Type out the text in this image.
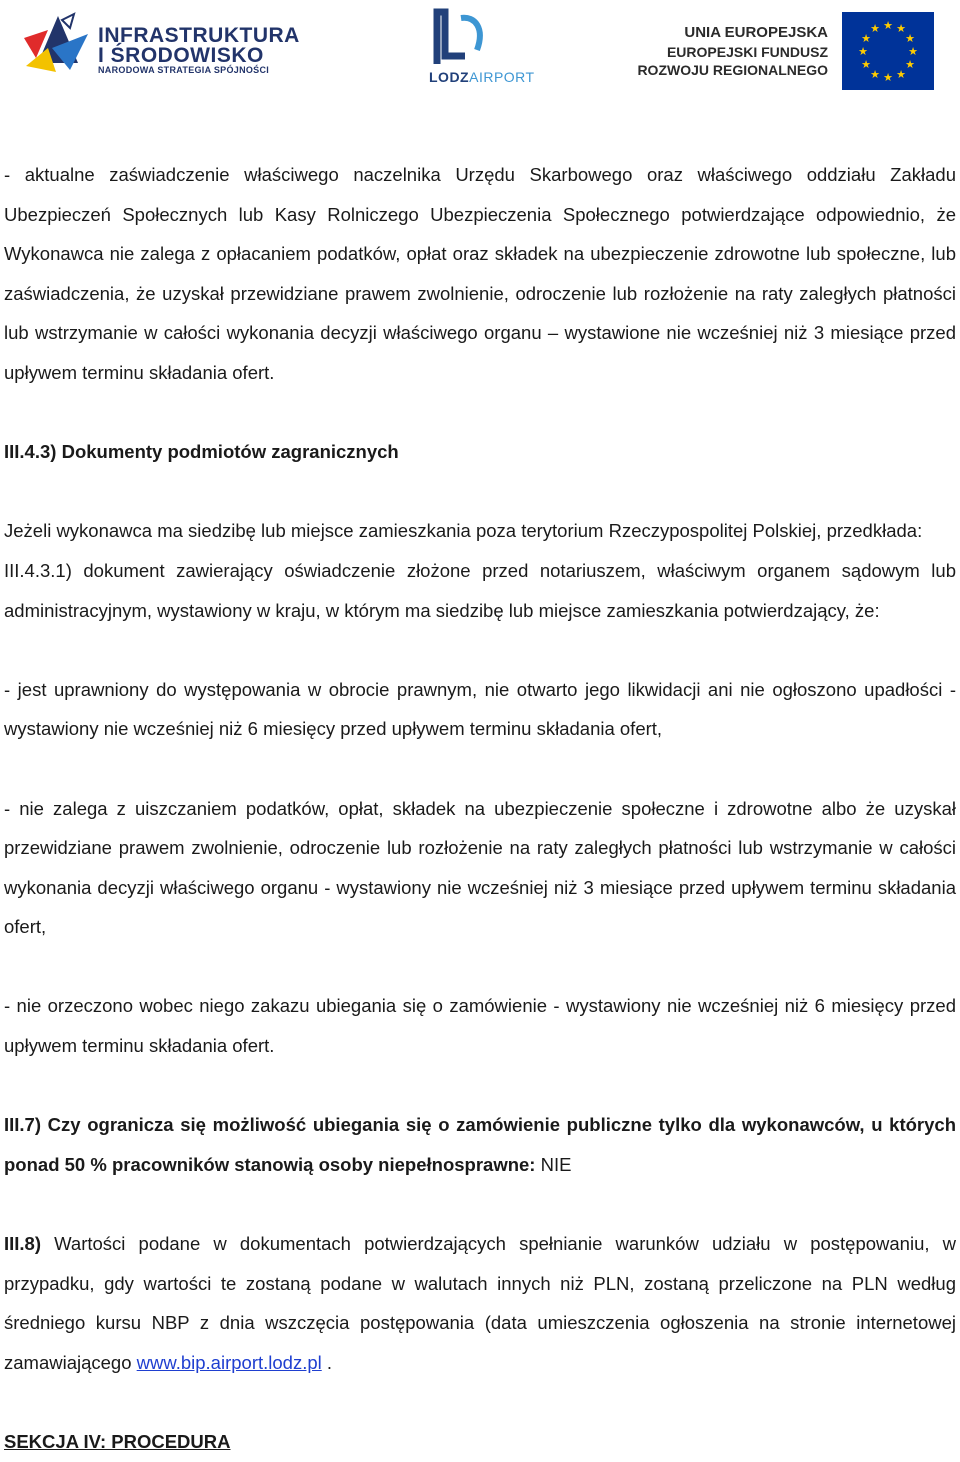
INFRASTRUKTURA
I ŚRODOWISKO
NARODOWA STRATEGIA SPÓJNOŚCI	LODZAIRPORT
UNIA EUROPEJSKA
EUROPEJSKI FUNDUSZ
ROZWOJU REGIONALNEGO
★ ★
★
★
★
★
★
★
★
★
★
★

- aktualne zaświadczenie właściwego naczelnika Urzędu Skarbowego oraz właściwego oddziału Zakładu Ubezpieczeń Społecznych lub Kasy Rolniczego Ubezpieczenia Społecznego potwierdzające odpowiednio, że Wykonawca nie zalega z opłacaniem podatków, opłat oraz składek na ubezpieczenie zdrowotne lub społeczne, lub zaświadczenia, że uzyskał przewidziane prawem zwolnienie, odroczenie lub rozłożenie na raty zaległych płatności lub wstrzymanie w całości wykonania decyzji właściwego organu – wystawione nie wcześniej niż 3 miesiące przed upływem terminu składania ofert.

III.4.3) Dokumenty podmiotów zagranicznych

Jeżeli wykonawca ma siedzibę lub miejsce zamieszkania poza terytorium Rzeczypospolitej Polskiej, przedkłada:

III.4.3.1) dokument zawierający oświadczenie złożone przed notariuszem, właściwym organem sądowym lub administracyjnym, wystawiony w kraju, w którym ma siedzibę lub miejsce zamieszkania potwierdzający, że:

- jest uprawniony do występowania w obrocie prawnym, nie otwarto jego likwidacji ani nie ogłoszono upadłości - wystawiony nie wcześniej niż 6 miesięcy przed upływem terminu składania ofert,

- nie zalega z uiszczaniem podatków, opłat, składek na ubezpieczenie społeczne i zdrowotne albo że uzyskał przewidziane prawem zwolnienie, odroczenie lub rozłożenie na raty zaległych płatności lub wstrzymanie w całości wykonania decyzji właściwego organu - wystawiony nie wcześniej niż 3 miesiące przed upływem terminu składania ofert,

- nie orzeczono wobec niego zakazu ubiegania się o zamówienie - wystawiony nie wcześniej niż 6 miesięcy przed upływem terminu składania ofert.

III.7) Czy ogranicza się możliwość ubiegania się o zamówienie publiczne tylko dla wykonawców, u których ponad 50 % pracowników stanowią osoby niepełnosprawne: NIE

III.8) Wartości podane w dokumentach potwierdzających spełnianie warunków udziału w postępowaniu, w przypadku, gdy wartości te zostaną podane w walutach innych niż PLN, zostaną przeliczone na PLN według średniego kursu NBP z dnia wszczęcia postępowania (data umieszczenia ogłoszenia na stronie internetowej zamawiającego www.bip.airport.lodz.pl .

SEKCJA IV: PROCEDURA
